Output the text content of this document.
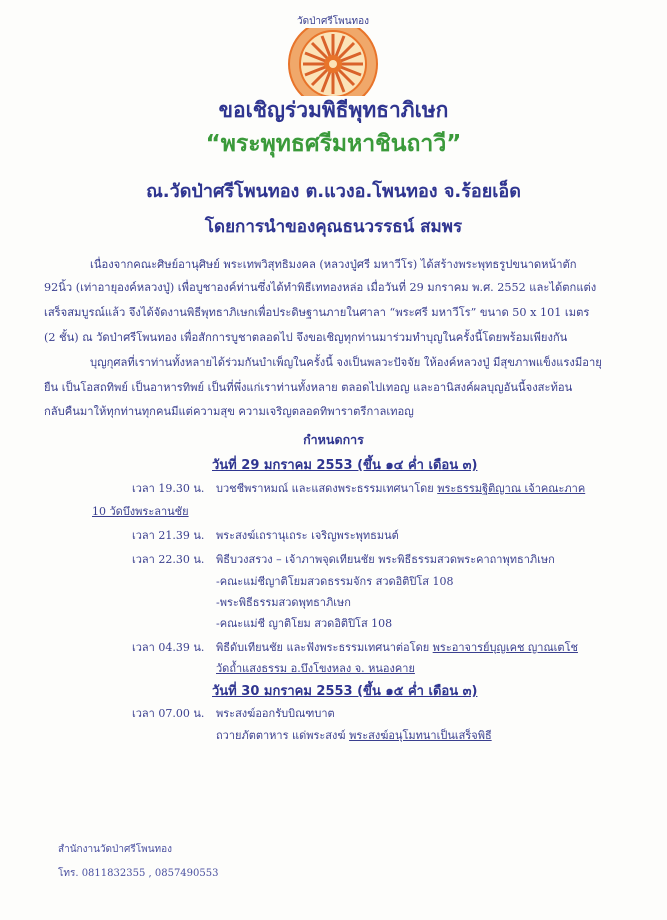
วัดป่าศรีโพนทอง
ขอเชิญร่วมพิธีพุทธาภิเษก
“พระพุทธศรีมหาชินถาวี”
ณ.วัดป่าศรีโพนทอง ต.แวงอ.โพนทอง จ.ร้อยเอ็ด
โดยการนำของคุณธนวรรธน์ สมพร
เนื่องจากคณะศิษย์อานุศิษย์ พระเทพวิสุทธิมงคล (หลวงปู่ศรี มหาวีโร) ได้สร้างพระพุทธรูปขนาดหน้าตัก
92นิ้ว (เท่าอายุองค์หลวงปู่) เพื่อบูชาองค์ท่านซึ่งได้ทำพิธีเททองหล่อ เมื่อวันที่ 29 มกราคม พ.ศ. 2552 และได้ตกแต่ง
เสร็จสมบูรณ์แล้ว จึงได้จัดงานพิธีพุทธาภิเษกเพื่อประดิษฐานภายในศาลา “พระศรี มหาวีโร” ขนาด 50 x 101 เมตร
(2 ชั้น) ณ วัดป่าศรีโพนทอง เพื่อสักการบูชาตลอดไป จึงขอเชิญทุกท่านมาร่วมทำบุญในครั้งนี้โดยพร้อมเพียงกัน
บุญกุศลที่เราท่านทั้งหลายได้ร่วมกันบำเพ็ญในครั้งนี้ จงเป็นพลวะปัจจัย ให้องค์หลวงปู่ มีสุขภาพแข็งแรงมีอายุ
ยืน เป็นโอสถทิพย์ เป็นอาหารทิพย์ เป็นที่พึ่งแก่เราท่านทั้งหลาย ตลอดไปเทอญ และอานิสงค์ผลบุญอันนี้จงสะท้อน
กลับคืนมาให้ทุกท่านทุกคนมีแต่ความสุข ความเจริญตลอดทิพาราตรีกาลเทอญ
กำหนดการ
วันที่ 29 มกราคม 2553 (ขึ้น ๑๔ ค่ำ เดือน ๓)
เวลา 19.30 น. บวชชีพราหมณ์ และแสดงพระธรรมเทศนาโดย พระธรรมฐิติญาณ เจ้าคณะภาค
10 วัดบึงพระลานชัย
เวลา 21.39 น. พระสงฆ์เถรานุเถระ เจริญพระพุทธมนต์
เวลา 22.30 น. พิธีบวงสรวง – เจ้าภาพจุดเทียนชัย พระพิธีธรรมสวดพระคาถาพุทธาภิเษก
-คณะแม่ชีญาติโยมสวดธรรมจักร สวดอิติปิโส 108
-พระพิธีธรรมสวดพุทธาภิเษก
-คณะแม่ชี ญาติโยม สวดอิติปิโส 108
เวลา 04.39 น. พิธีดับเทียนชัย และฟังพระธรรมเทศนาต่อโดย พระอาจารย์บุญเคช ญาณเตโช
วัดถ้ำแสงธรรม อ.บึงโขงหลง จ. หนองคาย
วันที่ 30 มกราคม 2553 (ขึ้น ๑๕ ค่ำ เดือน ๓)
เวลา 07.00 น. พระสงฆ์ออกรับบิณฑบาต
ถวายภัตตาหาร แด่พระสงฆ์ พระสงฆ์อนุโมทนาเป็นเสร็จพิธี
สำนักงานวัดป่าศรีโพนทอง
โทร. 0811832355 , 0857490553
